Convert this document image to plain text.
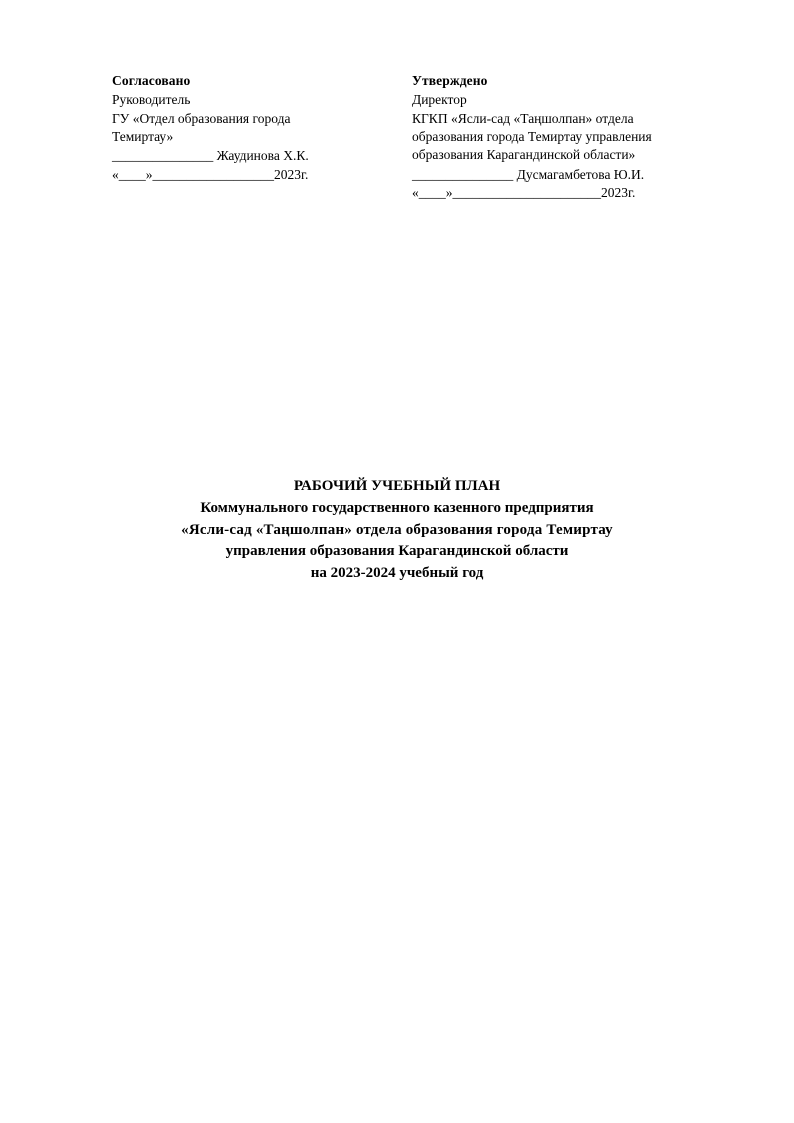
Согласовано
Руководитель
ГУ «Отдел образования города
Темиртау»
_______________ Жаудинова Х.К.
«____»__________________2023г.
Утверждено
Директор
КГКП «Ясли-сад «Таңшолпан» отдела
образования города Темиртау управления
образования Карагандинской области»
_______________ Дусмагамбетова Ю.И.
«____»______________________2023г.
РАБОЧИЙ УЧЕБНЫЙ ПЛАН
Коммунального государственного казенного предприятия
«Ясли-сад «Таңшолпан» отдела образования города Темиртау
управления образования Карагандинской области
на 2023-2024 учебный год
